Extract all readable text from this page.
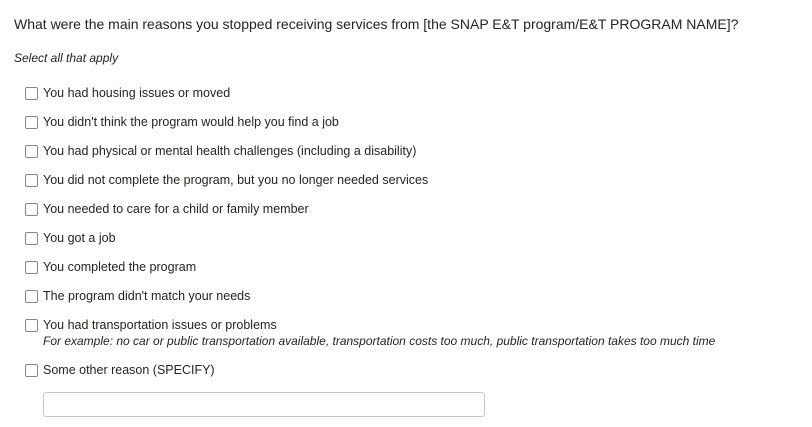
What were the main reasons you stopped receiving services from [the SNAP E&T program/E&T PROGRAM NAME]?
Select all that apply
You had housing issues or moved
You didn't think the program would help you find a job
You had physical or mental health challenges (including a disability)
You did not complete the program, but you no longer needed services
You needed to care for a child or family member
You got a job
You completed the program
The program didn't match your needs
You had transportation issues or problems
For example: no car or public transportation available, transportation costs too much, public transportation takes too much time
Some other reason (SPECIFY)
